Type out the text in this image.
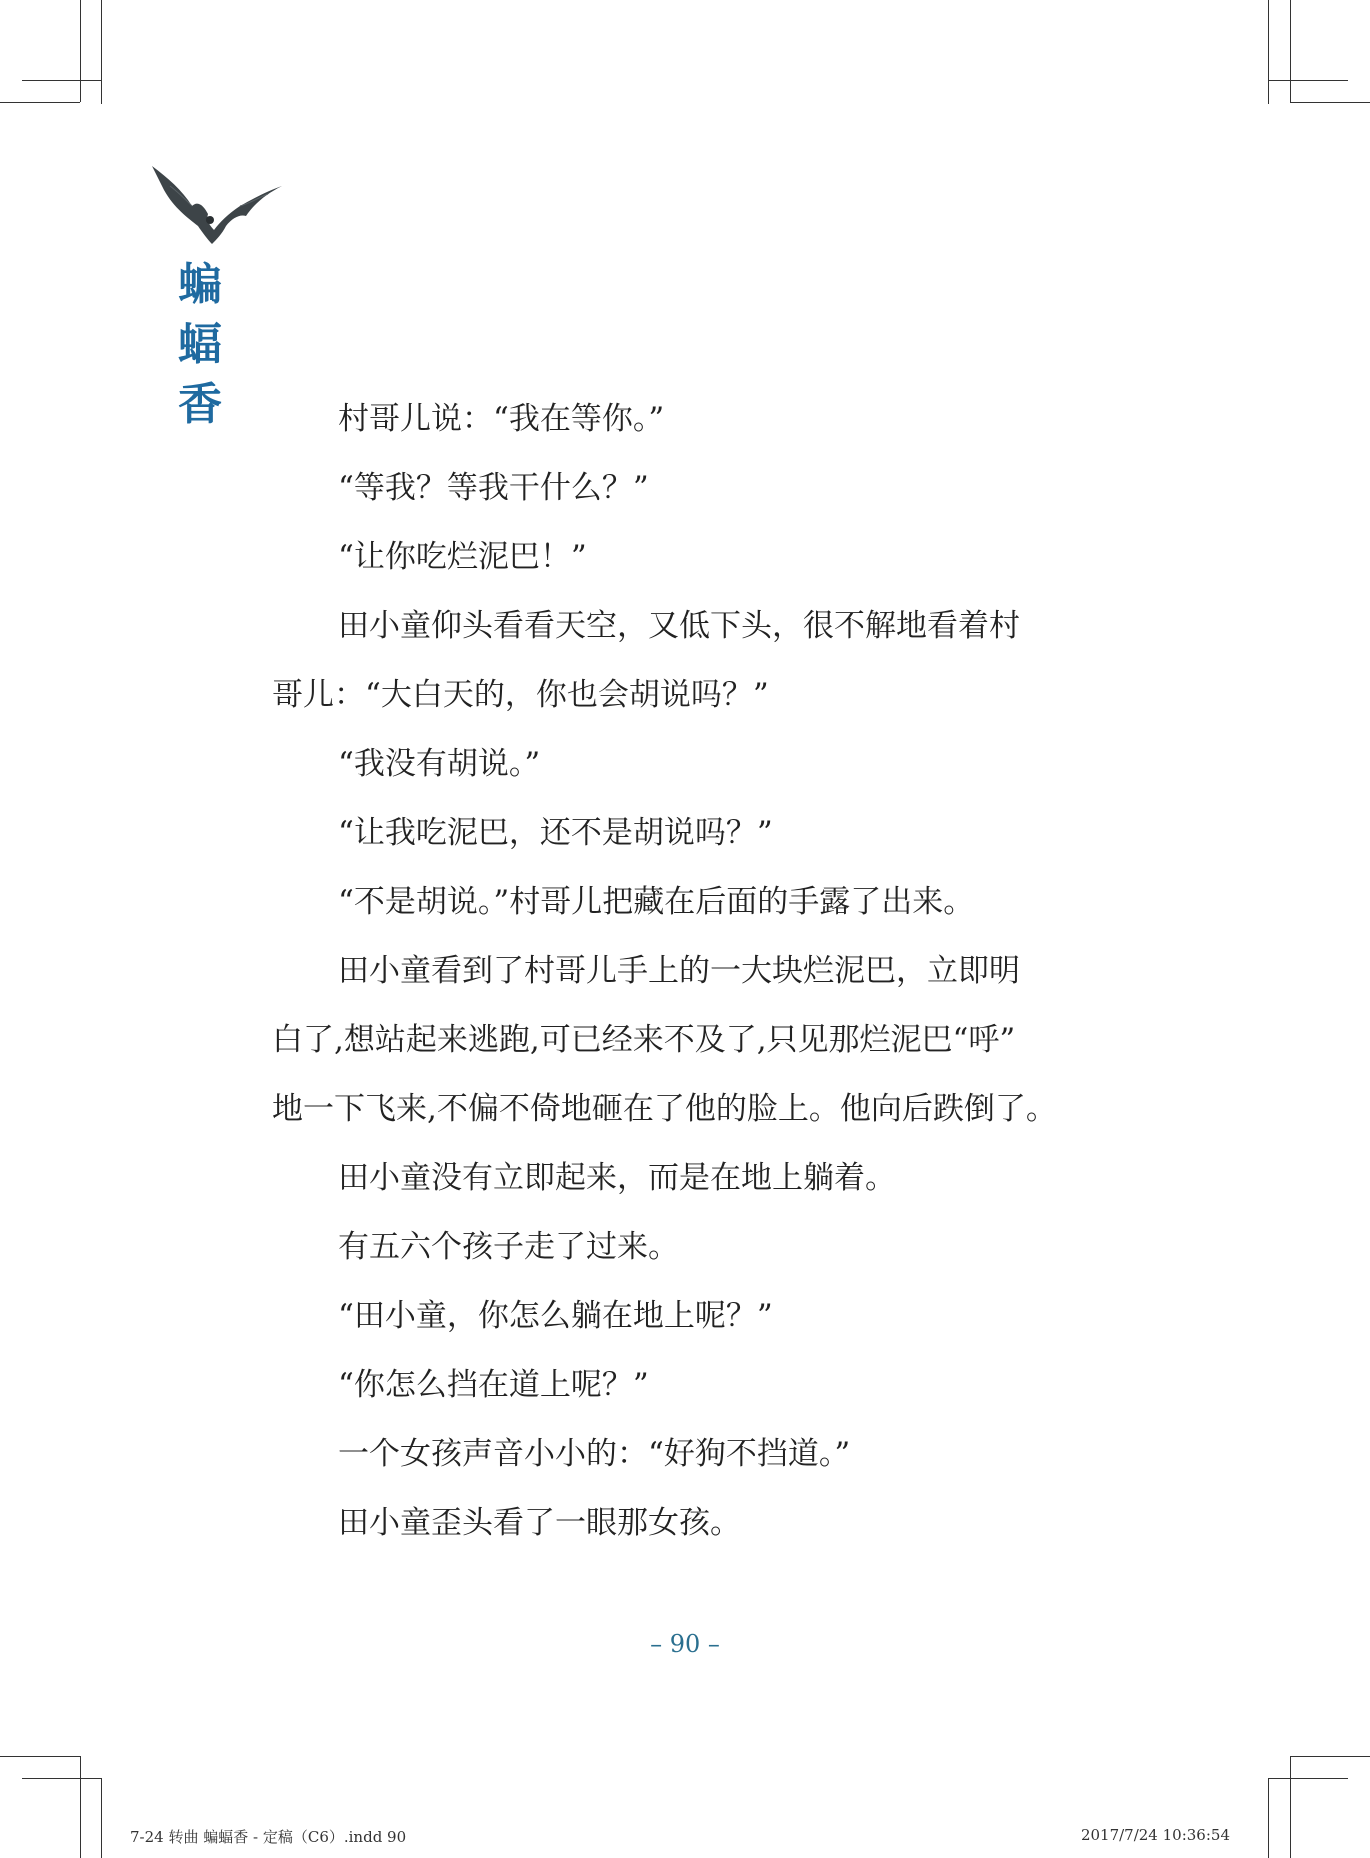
蝙
蝠
香	村哥儿说：“我在等你。”

“等我？等我干什么？”

“让你吃烂泥巴！”

田小童仰头看看天空，又低下头，很不解地看着村

哥儿：“大白天的，你也会胡说吗？”

“我没有胡说。”

“让我吃泥巴，还不是胡说吗？”

“不是胡说。”村哥儿把藏在后面的手露了出来。

田小童看到了村哥儿手上的一大块烂泥巴，立即明

白了,想站起来逃跑,可已经来不及了,只见那烂泥巴“呼”

地一下飞来,不偏不倚地砸在了他的脸上。他向后跌倒了。

田小童没有立即起来，而是在地上躺着。

有五六个孩子走了过来。

“田小童，你怎么躺在地上呢？”

“你怎么挡在道上呢？”

一个女孩声音小小的：“好狗不挡道。”

田小童歪头看了一眼那女孩。

– 90 –
7-24 转曲 蝙蝠香 - 定稿（C6）.indd 90	2017/7/24 10:36:54
